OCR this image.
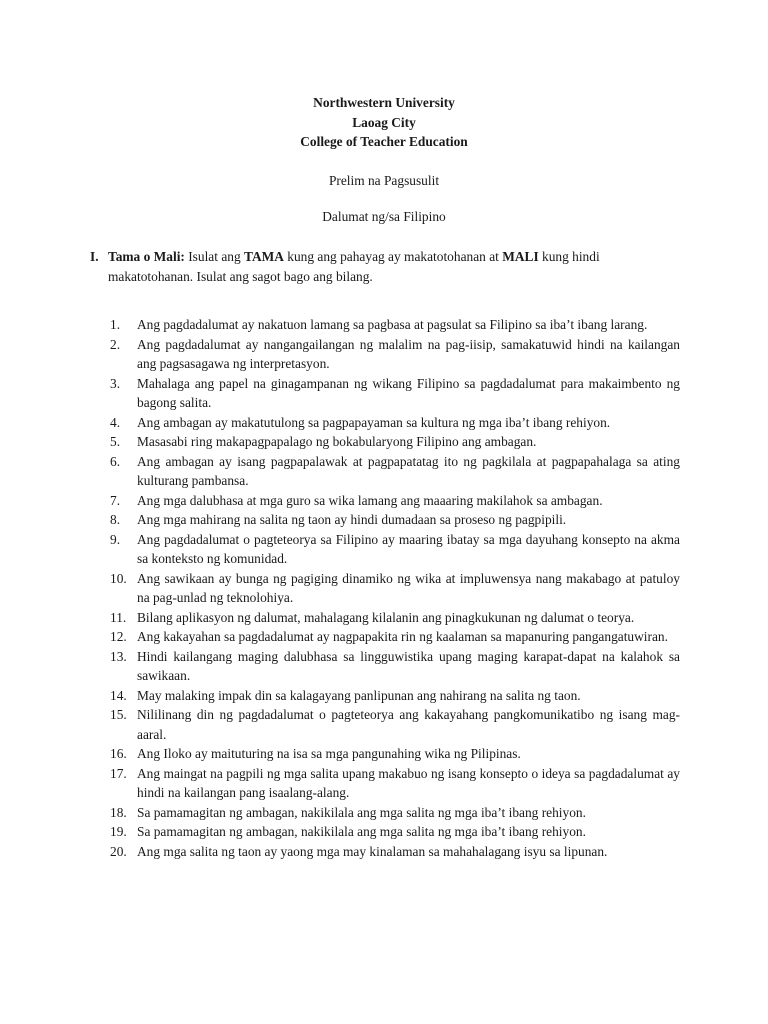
Northwestern University
Laoag City
College of Teacher Education
Prelim na Pagsusulit
Dalumat ng/sa Filipino
I. Tama o Mali: Isulat ang TAMA kung ang pahayag ay makatotohanan at MALI kung hindi makatotohanan. Isulat ang sagot bago ang bilang.
1. Ang pagdadalumat ay nakatuon lamang sa pagbasa at pagsulat sa Filipino sa iba’t ibang larang.
2. Ang pagdadalumat ay nangangailangan ng malalim na pag-iisip, samakatuwid hindi na kailangan ang pagsasagawa ng interpretasyon.
3. Mahalaga ang papel na ginagampanan ng wikang Filipino sa pagdadalumat para makaimbento ng bagong salita.
4. Ang ambagan ay makatutulong sa pagpapayaman sa kultura ng mga iba’t ibang rehiyon.
5. Masasabi ring makapagpapalago ng bokabularyong Filipino ang ambagan.
6. Ang ambagan ay isang pagpapalawak at pagpapatatag ito ng pagkilala at pagpapahalaga sa ating kulturang pambansa.
7. Ang mga dalubhasa at mga guro sa wika lamang ang maaaring makilahok sa ambagan.
8. Ang mga mahirang na salita ng taon ay hindi dumadaan sa proseso ng pagpipili.
9. Ang pagdadalumat o pagteteorya sa Filipino ay maaring ibatay sa mga dayuhang konsepto na akma sa konteksto ng komunidad.
10. Ang sawikaan ay bunga ng pagiging dinamiko ng wika at impluwensya nang makabago at patuloy na pag-unlad ng teknolohiya.
11. Bilang aplikasyon ng dalumat, mahalagang kilalanin ang pinagkukunan ng dalumat o teorya.
12. Ang kakayahan sa pagdadalumat ay nagpapakita rin ng kaalaman sa mapanuring pangangatuwiran.
13. Hindi kailangang maging dalubhasa sa lingguwistika upang maging karapat-dapat na kalahok sa sawikaan.
14. May malaking impak din sa kalagayang panlipunan ang nahirang na salita ng taon.
15. Nililinang din ng pagdadalumat o pagteteorya ang kakayahang pangkomunikatibo ng isang mag-aaral.
16. Ang Iloko ay maituturing na isa sa mga pangunahing wika ng Pilipinas.
17. Ang maingat na pagpili ng mga salita upang makabuo ng isang konsepto o ideya sa pagdadalumat ay hindi na kailangan pang isaalang-alang.
18. Sa pamamagitan ng ambagan, nakikilala ang mga salita ng mga iba’t ibang rehiyon.
19. Sa pamamagitan ng ambagan, nakikilala ang mga salita ng mga iba’t ibang rehiyon.
20. Ang mga salita ng taon ay yaong mga may kinalaman sa mahahalagang isyu sa lipunan.
